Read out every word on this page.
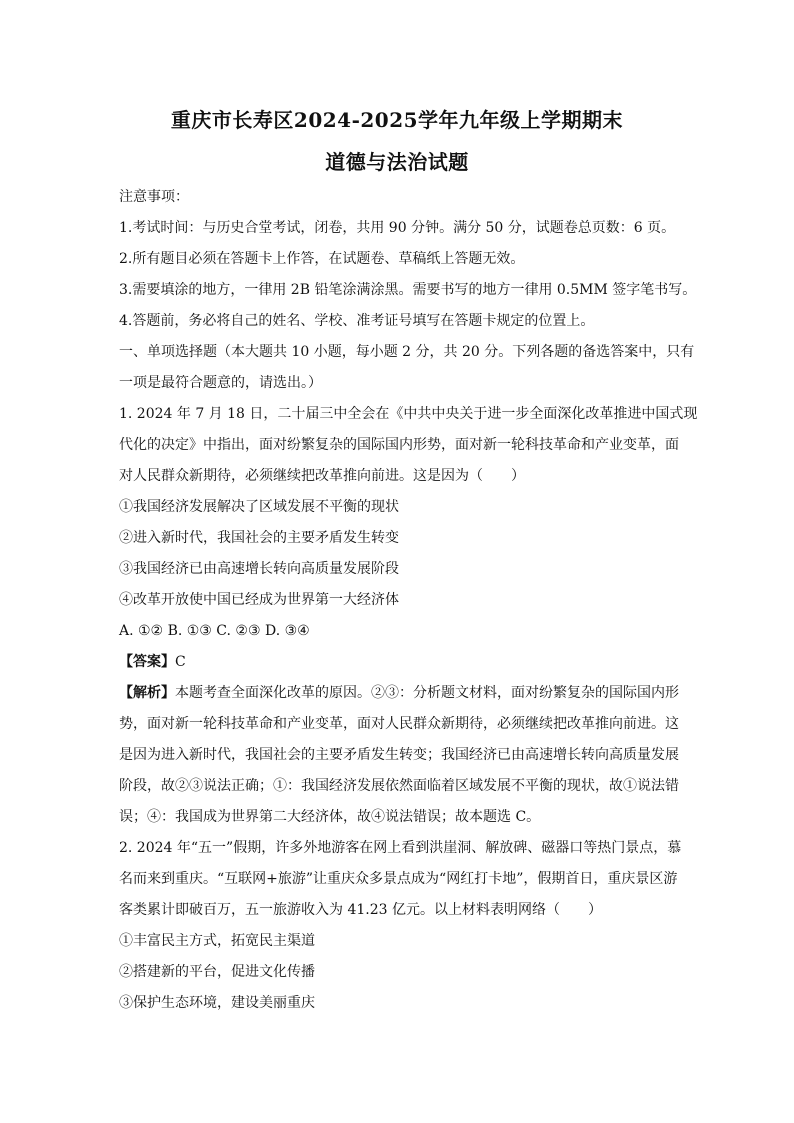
重庆市长寿区2024-2025学年九年级上学期期末
道德与法治试题
注意事项：
1.考试时间：与历史合堂考试，闭卷，共用 90 分钟。满分 50 分，试题卷总页数：6 页。
2.所有题目必须在答题卡上作答，在试题卷、草稿纸上答题无效。
3.需要填涂的地方，一律用 2B 铅笔涂满涂黑。需要书写的地方一律用 0.5MM 签字笔书写。
4.答题前，务必将自己的姓名、学校、准考证号填写在答题卡规定的位置上。
一、单项选择题（本大题共 10 小题，每小题 2 分，共 20 分。下列各题的备选答案中，只有
一项是最符合题意的，请选出。）
1. 2024 年 7 月 18 日，二十届三中全会在《中共中央关于进一步全面深化改革推进中国式现
代化的决定》中指出，面对纷繁复杂的国际国内形势，面对新一轮科技革命和产业变革，面
对人民群众新期待，必须继续把改革推向前进。这是因为（　　）
①我国经济发展解决了区域发展不平衡的现状
②进入新时代，我国社会的主要矛盾发生转变
③我国经济已由高速增长转向高质量发展阶段
④改革开放使中国已经成为世界第一大经济体
A. ①② B. ①③ C. ②③ D. ③④
【答案】C
【解析】本题考查全面深化改革的原因。②③：分析题文材料，面对纷繁复杂的国际国内形
势，面对新一轮科技革命和产业变革，面对人民群众新期待，必须继续把改革推向前进。这
是因为进入新时代，我国社会的主要矛盾发生转变；我国经济已由高速增长转向高质量发展
阶段，故②③说法正确；①：我国经济发展依然面临着区域发展不平衡的现状，故①说法错
误；④：我国成为世界第二大经济体，故④说法错误；故本题选 C。
2. 2024 年“五一”假期，许多外地游客在网上看到洪崖洞、解放碑、磁器口等热门景点，慕
名而来到重庆。“互联网+旅游”让重庆众多景点成为“网红打卡地”，假期首日，重庆景区游
客类累计即破百万，五一旅游收入为 41.23 亿元。以上材料表明网络（　　）
①丰富民主方式，拓宽民主渠道
②搭建新的平台，促进文化传播
③保护生态环境，建设美丽重庆
